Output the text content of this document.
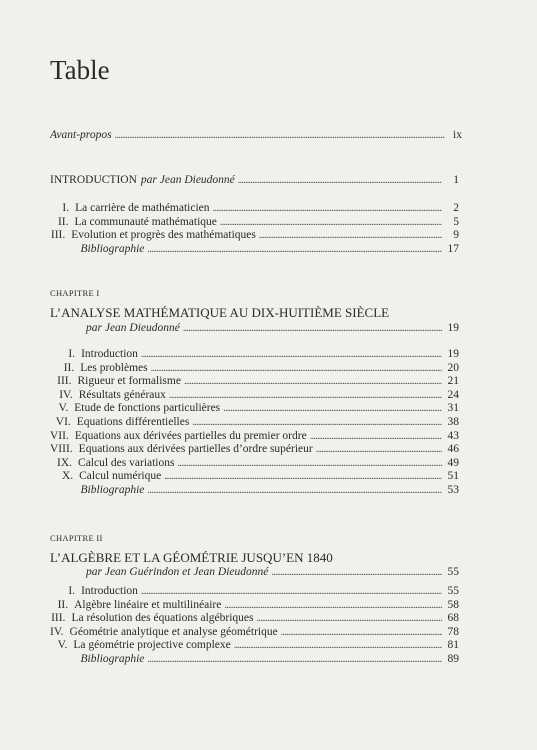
Table
Avant-propos . . .	ix
INTRODUCTION par Jean Dieudonné . . .	1
I. La carrière de mathématicien . . .	2
II. La communauté mathématique . . .	5
III. Evolution et progrès des mathématiques . . .	9
Bibliographie . . .	17
CHAPITRE I
L’ANALYSE MATHÉMATIQUE AU DIX-HUITIÈME SIÈCLE
par Jean Dieudonné . . .	19
I. Introduction . . .	19
II. Les problèmes . . .	20
III. Rigueur et formalisme . . .	21
IV. Résultats généraux . . .	24
V. Etude de fonctions particulières . . .	31
VI. Equations différentielles . . .	38
VII. Equations aux dérivées partielles du premier ordre . . .	43
VIII. Equations aux dérivées partielles d’ordre supérieur . . .	46
IX. Calcul des variations . . .	49
X. Calcul numérique . . .	51
Bibliographie . . .	53
CHAPITRE II
L’ALGÈBRE ET LA GÉOMÉTRIE JUSQU’EN 1840
par Jean Guérindon et Jean Dieudonné . . .	55
I. Introduction . . .	55
II. Algèbre linéaire et multilinéaire . . .	58
III. La résolution des équations algébriques . . .	68
IV. Géométrie analytique et analyse géométrique . . .	78
V. La géométrie projective complexe . . .	81
Bibliographie . . .	89
